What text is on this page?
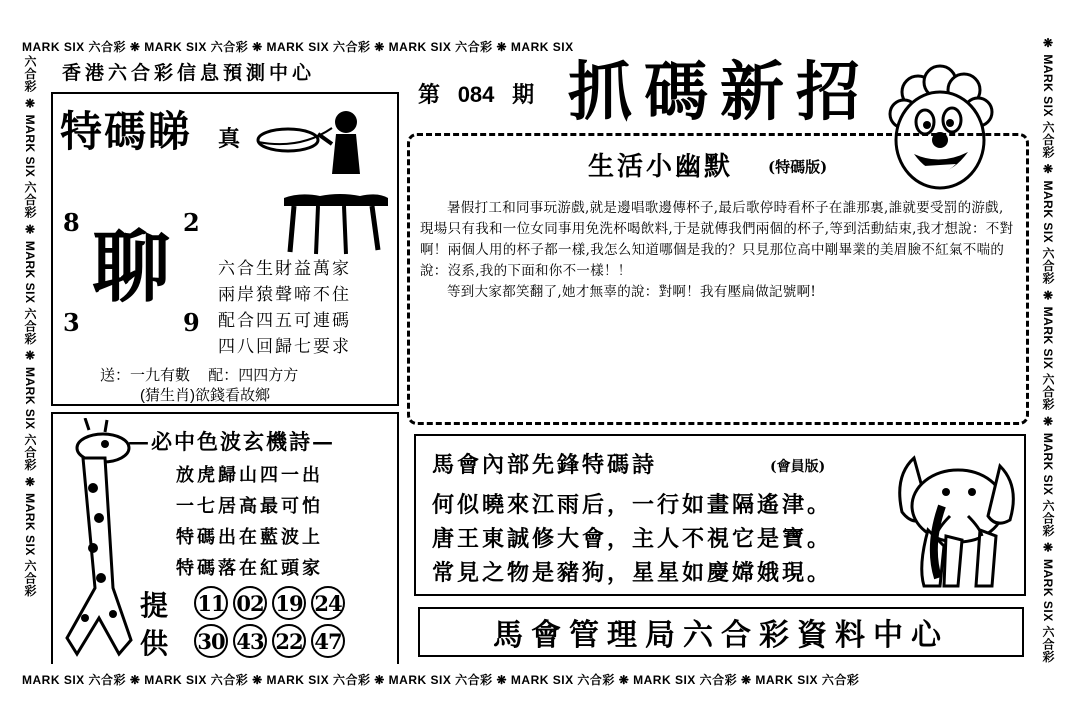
MARK SIX 六合彩 ❋ MARK SIX 六合彩 ❋ MARK SIX 六合彩 ❋ MARK SIX 六合彩 ❋ MARK SIX
MARK SIX 六合彩 ❋ MARK SIX 六合彩 ❋ MARK SIX 六合彩 ❋ MARK SIX 六合彩 ❋ MARK SIX 六合彩 ❋ MARK SIX 六合彩 ❋ MARK SIX 六合彩
六合彩 ❋ MARK SIX 六合彩 ❋ MARK SIX 六合彩 ❋ MARK SIX 六合彩 ❋ MARK SIX 六合彩	❋ MARK SIX 六合彩 ❋ MARK SIX 六合彩 ❋ MARK SIX 六合彩 ❋ MARK SIX 六合彩 ❋ MARK SIX 六合彩
香港六合彩信息預測中心
第 084 期 抓碼新招
特碼睇 真
8	2
3	9
聊	六合生財益萬家
兩岸猿聲啼不住
配合四五可連碼
四八回歸七要求
送：一九有數 配：四四方方
(猜生肖)欲錢看故鄉
生活小幽默 (特碼版)

暑假打工和同事玩游戲,就是邊唱歌邊傳杯子,最后歌停時看杯子在誰那裏,誰就要受罰的游戲,現場只有我和一位女同事用免洗杯喝飲料,于是就傳我們兩個的杯子,等到活動結束,我才想說：不對啊！兩個人用的杯子都一樣,我怎么知道哪個是我的？只見那位高中剛畢業的美眉臉不紅氣不喘的說：沒系,我的下面和你不一樣！！

等到大家都笑翻了,她才無辜的說：對啊！我有壓扁做記號啊!

—必中色波玄機詩—
放虎歸山四一出
一七居高最可怕
特碼出在藍波上
特碼落在紅頭家
提
供
11 02 19 24
30 43 22 47
馬會內部先鋒特碼詩	(會員版)
何似曉來江雨后，一行如畫隔遙津。
唐王東誠修大會，主人不視它是寶。
常見之物是豬狗，星星如慶嫦娥現。
馬會管理局六合彩資料中心
